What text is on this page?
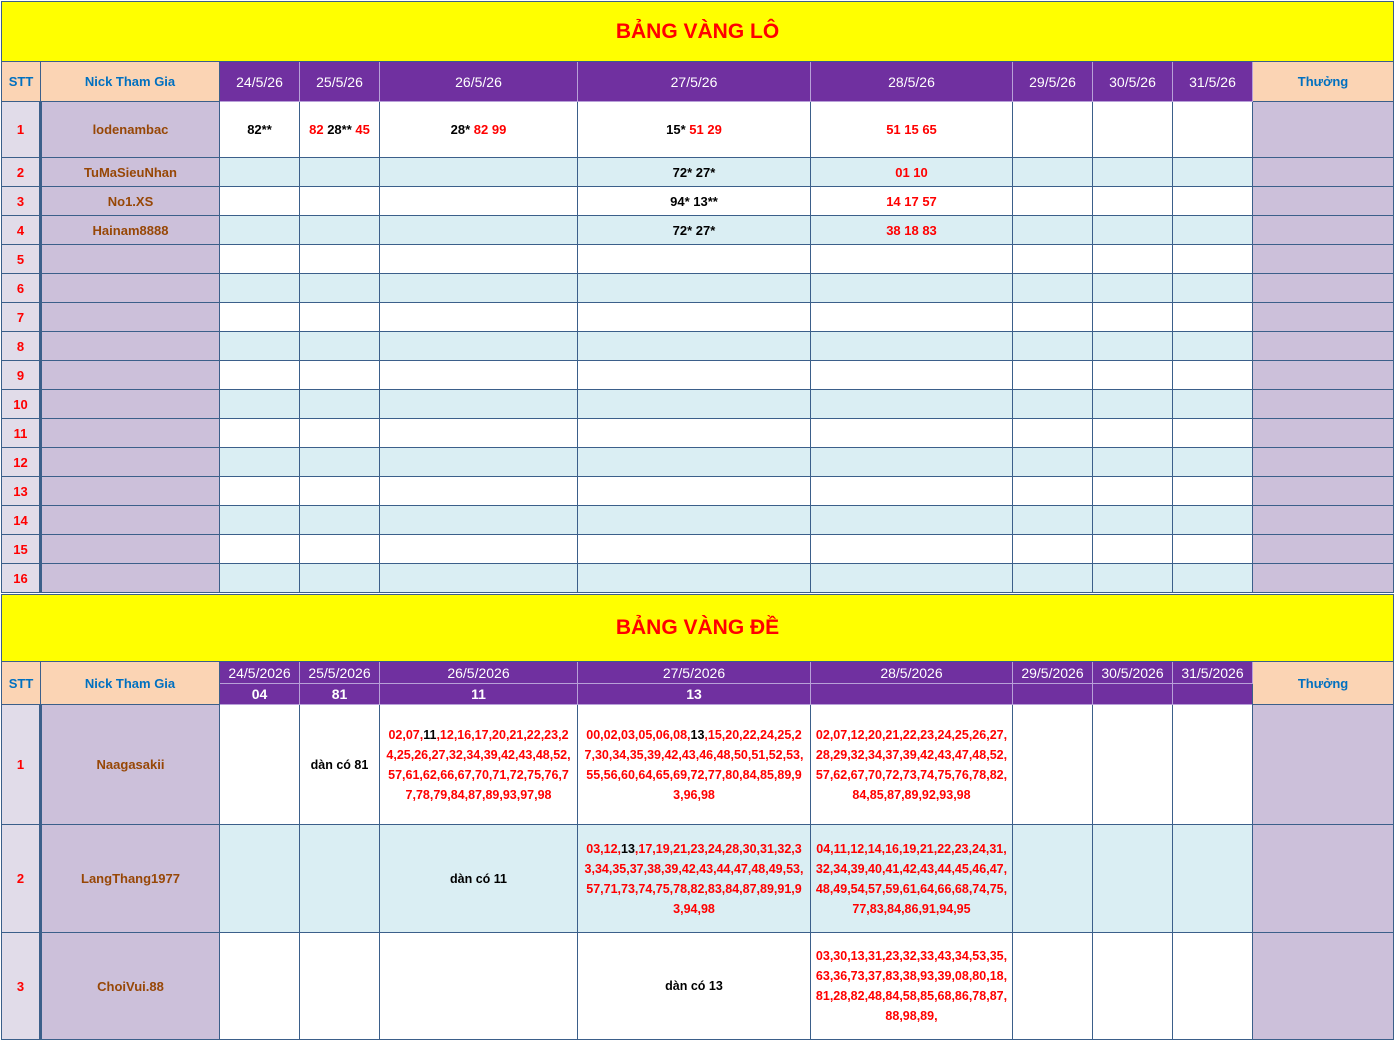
BẢNG VÀNG LÔ										
STT	Nick Tham Gia	24/5/26	25/5/26	26/5/26	27/5/26	28/5/26	29/5/26	30/5/26	31/5/26	Thưởng
1	lodenambac	82**	82 28** 45	28* 82 99	15* 51 29	51 15 65				
2	TuMaSieuNhan				72* 27*	01 10				
3	No1.XS				94* 13**	14 17 57				
4	Hainam8888				72* 27*	38 18 83				
5										
6										
7										
8										
9										
10										
11										
12										
13										
14										
15										
16										
BẢNG VÀNG ĐỀ										
STT	Nick Tham Gia	24/5/2026	25/5/2026	26/5/2026	27/5/2026	28/5/2026	29/5/2026	30/5/2026	31/5/2026	Thưởng
		04	81	11	13					
1	Naagasakii		dàn có 81	02,07,11,12,16,17,20,21,22,23,24,25,26,27,32,34,39,42,43,48,52,57,61,62,66,67,70,71,72,75,76,77,78,79,84,87,89,93,97,98	00,02,03,05,06,08,13,15,20,22,24,25,27,30,34,35,39,42,43,46,48,50,51,52,53,55,56,60,64,65,69,72,77,80,84,85,89,93,96,98	02,07,12,20,21,22,23,24,25,26,27,28,29,32,34,37,39,42,43,47,48,52,57,62,67,70,72,73,74,75,76,78,82,84,85,87,89,92,93,98				

2	LangThang1977			dàn có 11	03,12,13,17,19,21,23,24,28,30,31,32,33,34,35,37,38,39,42,43,44,47,48,49,53,57,71,73,74,75,78,82,83,84,87,89,91,93,94,98	04,11,12,14,16,19,21,22,23,24,31,32,34,39,40,41,42,43,44,45,46,47,48,49,54,57,59,61,64,66,68,74,75,77,83,84,86,91,94,95				

3	ChoiVui.88				dàn có 13	03,30,13,31,23,32,33,43,34,53,35,63,36,73,37,83,38,93,39,08,80,18,81,28,82,48,84,58,85,68,86,78,87,88,98,89,				
